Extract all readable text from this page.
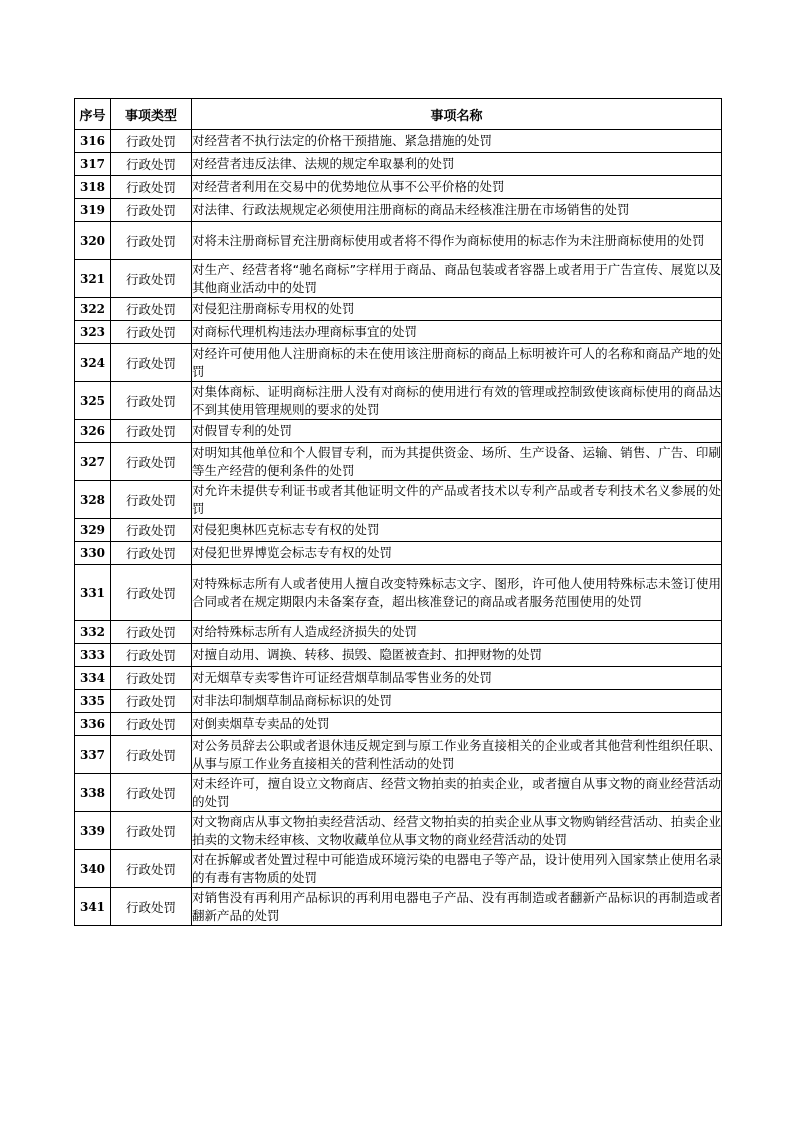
序号	事项类型	事项名称
316	行政处罚	对经营者不执行法定的价格干预措施、紧急措施的处罚
317	行政处罚	对经营者违反法律、法规的规定牟取暴利的处罚
318	行政处罚	对经营者利用在交易中的优势地位从事不公平价格的处罚
319	行政处罚	对法律、行政法规规定必须使用注册商标的商品未经核准注册在市场销售的处罚
320	行政处罚	对将未注册商标冒充注册商标使用或者将不得作为商标使用的标志作为未注册商标使用的处罚
321	行政处罚	对生产、经营者将“驰名商标”字样用于商品、商品包装或者容器上或者用于广告宣传、展览以及其他商业活动中的处罚
322	行政处罚	对侵犯注册商标专用权的处罚
323	行政处罚	对商标代理机构违法办理商标事宜的处罚
324	行政处罚	对经许可使用他人注册商标的未在使用该注册商标的商品上标明被许可人的名称和商品产地的处罚
325	行政处罚	对集体商标、证明商标注册人没有对商标的使用进行有效的管理或控制致使该商标使用的商品达不到其使用管理规则的要求的处罚
326	行政处罚	对假冒专利的处罚
327	行政处罚	对明知其他单位和个人假冒专利，而为其提供资金、场所、生产设备、运输、销售、广告、印刷等生产经营的便利条件的处罚
328	行政处罚	对允许未提供专利证书或者其他证明文件的产品或者技术以专利产品或者专利技术名义参展的处罚
329	行政处罚	对侵犯奥林匹克标志专有权的处罚
330	行政处罚	对侵犯世界博览会标志专有权的处罚
331	行政处罚	对特殊标志所有人或者使用人擅自改变特殊标志文字、图形，许可他人使用特殊标志未签订使用合同或者在规定期限内未备案存查，超出核准登记的商品或者服务范围使用的处罚
332	行政处罚	对给特殊标志所有人造成经济损失的处罚
333	行政处罚	对擅自动用、调换、转移、损毁、隐匿被查封、扣押财物的处罚
334	行政处罚	对无烟草专卖零售许可证经营烟草制品零售业务的处罚
335	行政处罚	对非法印制烟草制品商标标识的处罚
336	行政处罚	对倒卖烟草专卖品的处罚
337	行政处罚	对公务员辞去公职或者退休违反规定到与原工作业务直接相关的企业或者其他营利性组织任职、从事与原工作业务直接相关的营利性活动的处罚
338	行政处罚	对未经许可，擅自设立文物商店、经营文物拍卖的拍卖企业，或者擅自从事文物的商业经营活动的处罚
339	行政处罚	对文物商店从事文物拍卖经营活动、经营文物拍卖的拍卖企业从事文物购销经营活动、拍卖企业拍卖的文物未经审核、文物收藏单位从事文物的商业经营活动的处罚
340	行政处罚	对在拆解或者处置过程中可能造成环境污染的电器电子等产品，设计使用列入国家禁止使用名录的有毒有害物质的处罚
341	行政处罚	对销售没有再利用产品标识的再利用电器电子产品、没有再制造或者翻新产品标识的再制造或者翻新产品的处罚
